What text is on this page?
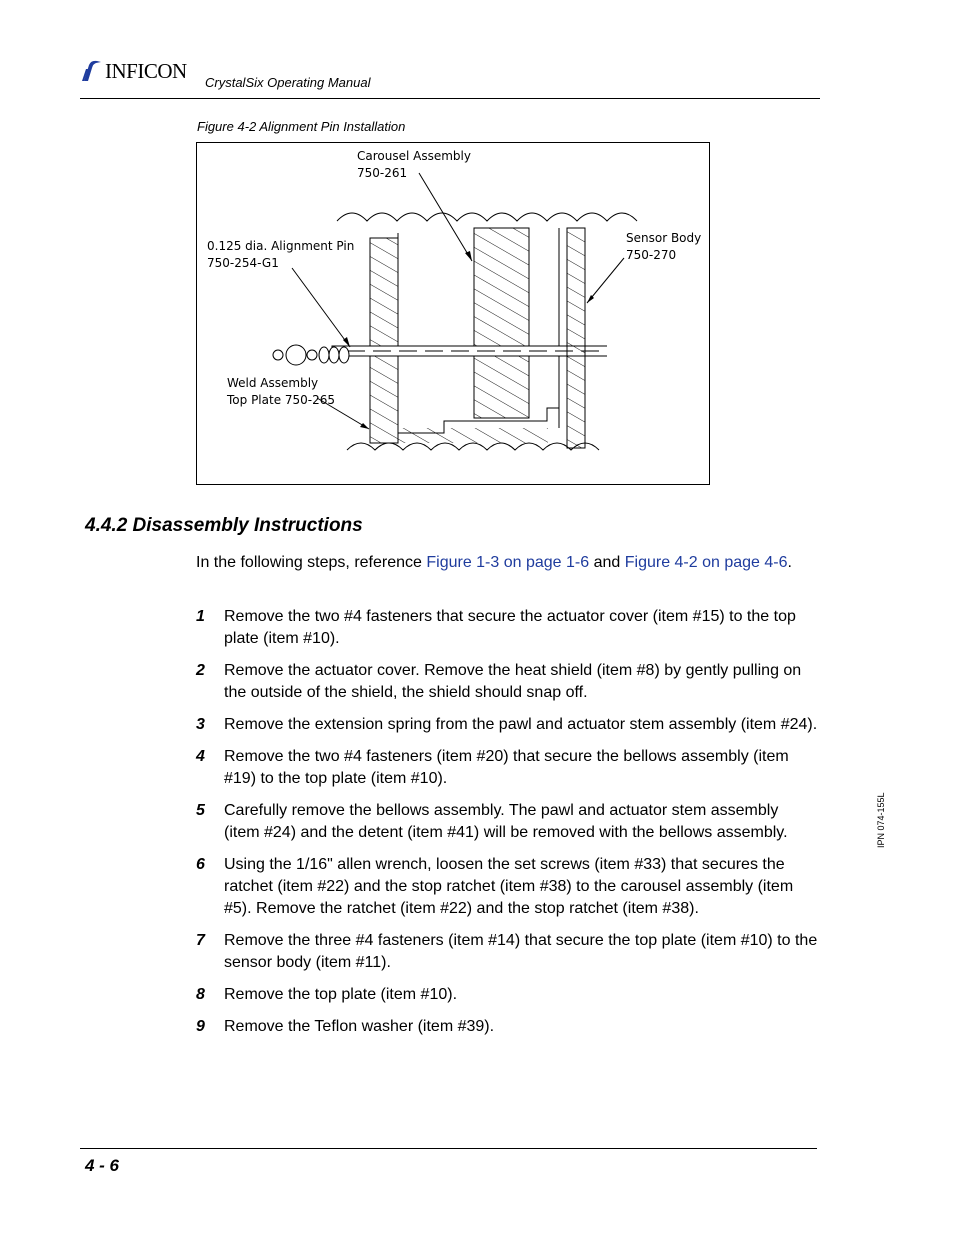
INFICON CrystalSix Operating Manual
Figure 4-2 Alignment Pin Installation
Carousel Assembly
750-261
0.125 dia. Alignment Pin
750-254-G1
Sensor Body
750-270
Weld Assembly
Top Plate 750-265
4.4.2 Disassembly Instructions
In the following steps, reference Figure 1-3 on page 1-6 and Figure 4-2 on page 4-6.
1	Remove the two #4 fasteners that secure the actuator cover (item #15) to the top plate (item #10).
2	Remove the actuator cover. Remove the heat shield (item #8) by gently pulling on the outside of the shield, the shield should snap off.
3	Remove the extension spring from the pawl and actuator stem assembly (item #24).
4	Remove the two #4 fasteners (item #20) that secure the bellows assembly (item #19) to the top plate (item #10).
5	Carefully remove the bellows assembly. The pawl and actuator stem assembly (item #24) and the detent (item #41) will be removed with the bellows assembly.
6	Using the 1/16" allen wrench, loosen the set screws (item #33) that secures the ratchet (item #22) and the stop ratchet (item #38) to the carousel assembly (item #5). Remove the ratchet (item #22) and the stop ratchet (item #38).
7	Remove the three #4 fasteners (item #14) that secure the top plate (item #10) to the sensor body (item #11).
8	Remove the top plate (item #10).
9	Remove the Teflon washer (item #39).
IPN 074-155L
4 - 6
